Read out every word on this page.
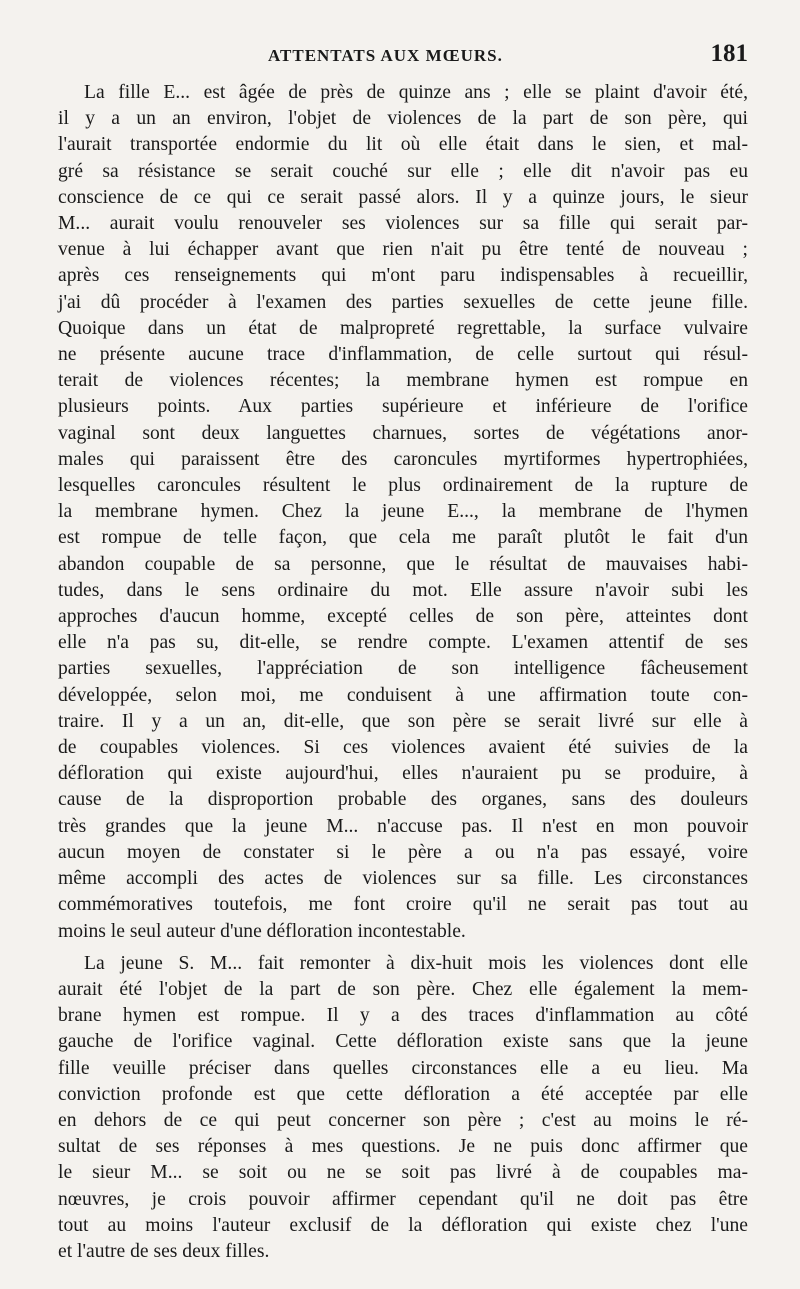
ATTENTATS AUX MŒURS.	181
La fille E... est âgée de près de quinze ans ; elle se plaint d'avoir été,
il y a un an environ, l'objet de violences de la part de son père, qui
l'aurait transportée endormie du lit où elle était dans le sien, et mal-
gré sa résistance se serait couché sur elle ; elle dit n'avoir pas eu
conscience de ce qui ce serait passé alors. Il y a quinze jours, le sieur
M... aurait voulu renouveler ses violences sur sa fille qui serait par-
venue à lui échapper avant que rien n'ait pu être tenté de nouveau ;
après ces renseignements qui m'ont paru indispensables à recueillir,
j'ai dû procéder à l'examen des parties sexuelles de cette jeune fille.
Quoique dans un état de malpropreté regrettable, la surface vulvaire
ne présente aucune trace d'inflammation, de celle surtout qui résul-
terait de violences récentes; la membrane hymen est rompue en
plusieurs points. Aux parties supérieure et inférieure de l'orifice
vaginal sont deux languettes charnues, sortes de végétations anor-
males qui paraissent être des caroncules myrtiformes hypertrophiées,
lesquelles caroncules résultent le plus ordinairement de la rupture de
la membrane hymen. Chez la jeune E..., la membrane de l'hymen
est rompue de telle façon, que cela me paraît plutôt le fait d'un
abandon coupable de sa personne, que le résultat de mauvaises habi-
tudes, dans le sens ordinaire du mot. Elle assure n'avoir subi les
approches d'aucun homme, excepté celles de son père, atteintes dont
elle n'a pas su, dit-elle, se rendre compte. L'examen attentif de ses
parties sexuelles, l'appréciation de son intelligence fâcheusement
développée, selon moi, me conduisent à une affirmation toute con-
traire. Il y a un an, dit-elle, que son père se serait livré sur elle à
de coupables violences. Si ces violences avaient été suivies de la
défloration qui existe aujourd'hui, elles n'auraient pu se produire, à
cause de la disproportion probable des organes, sans des douleurs
très grandes que la jeune M... n'accuse pas. Il n'est en mon pouvoir
aucun moyen de constater si le père a ou n'a pas essayé, voire
même accompli des actes de violences sur sa fille. Les circonstances
commémoratives toutefois, me font croire qu'il ne serait pas tout au
moins le seul auteur d'une défloration incontestable.
La jeune S. M... fait remonter à dix-huit mois les violences dont elle
aurait été l'objet de la part de son père. Chez elle également la mem-
brane hymen est rompue. Il y a des traces d'inflammation au côté
gauche de l'orifice vaginal. Cette défloration existe sans que la jeune
fille veuille préciser dans quelles circonstances elle a eu lieu. Ma
conviction profonde est que cette défloration a été acceptée par elle
en dehors de ce qui peut concerner son père ; c'est au moins le ré-
sultat de ses réponses à mes questions. Je ne puis donc affirmer que
le sieur M... se soit ou ne se soit pas livré à de coupables ma-
nœuvres, je crois pouvoir affirmer cependant qu'il ne doit pas être
tout au moins l'auteur exclusif de la défloration qui existe chez l'une
et l'autre de ses deux filles.
